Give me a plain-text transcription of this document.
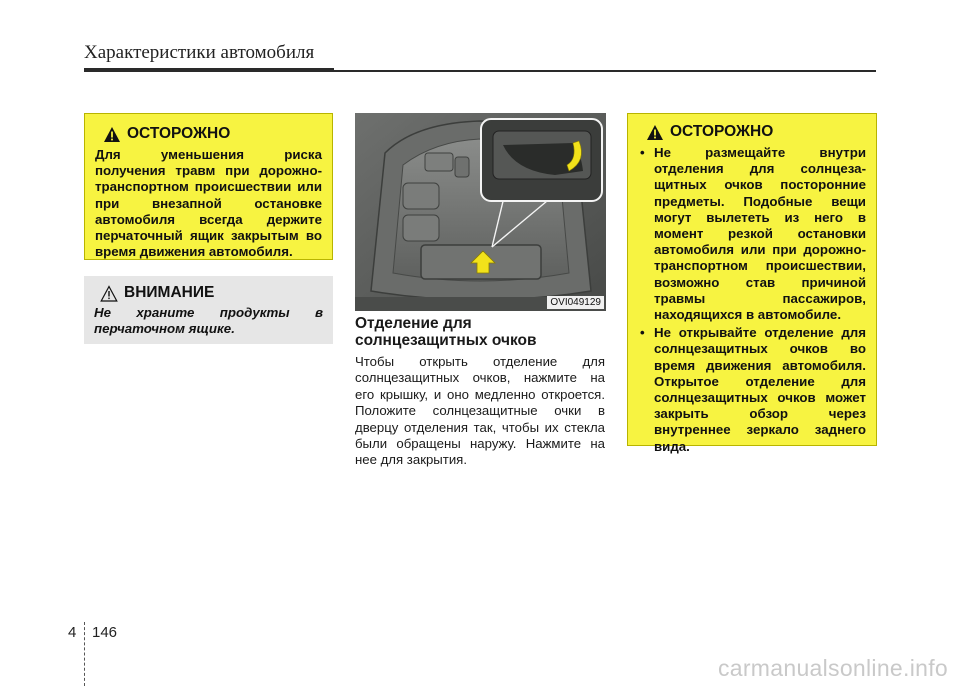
Характеристики автомобиля
ОСТОРОЖНО
Для уменьшения риска
получения травм при дорожно-
транспортном происшествии или
при внезапной остановке
автомобиля всегда держите
перчаточный ящик закрытым во
время движения автомобиля.
ВНИМАНИЕ
Не храните продукты в
перчаточном ящике.
OVI049129
Отделение для
солнцезащитных очков
Чтобы открыть отделение для
солнцезащитных очков, нажмите на
его крышку, и оно медленно откроется.
Положите солнцезащитные очки в
дверцу отделения так, чтобы их стекла
были обращены наружу. Нажмите на
нее для закрытия.
ОСТОРОЖНО
• Не размещайте внутри
отделения для солнцеза-
щитных очков посторонние
предметы. Подобные вещи
могут вылететь из него в
момент резкой остановки
автомобиля или при дорожно-
транспортном происшествии,
возможно став причиной
травмы пассажиров,
находящихся в автомобиле.
• Не открывайте отделение для
солнцезащитных очков во
время движения автомобиля.
Открытое отделение для
солнцезащитных очков может
закрыть обзор через
внутреннее зеркало заднего
вида.
4 146
carmanualsonline.info
